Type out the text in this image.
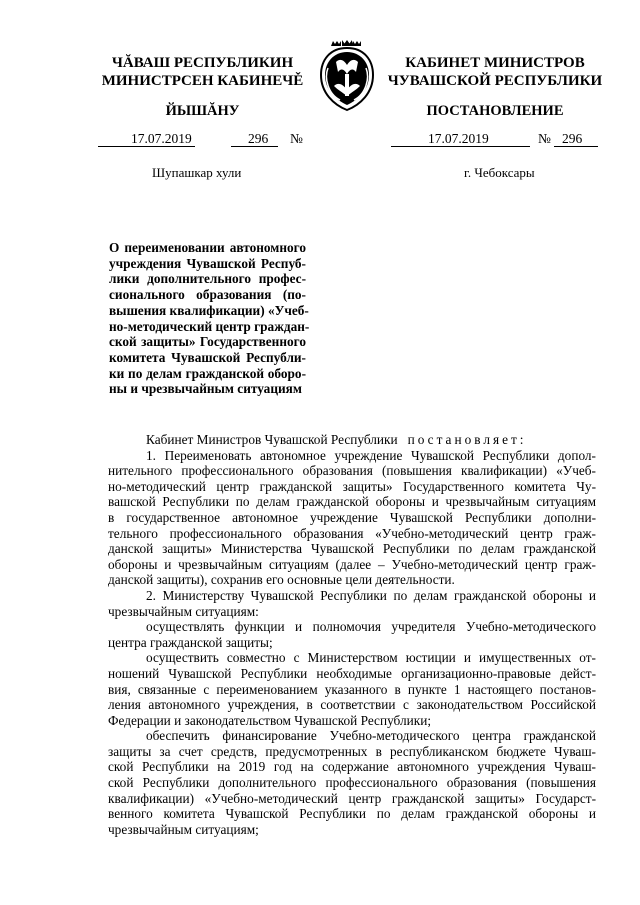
ЧĂВАШ РЕСПУБЛИКИН
МИНИСТРСЕН КАБИНЕЧĚ
ЙЫШĂНУ
КАБИНЕТ МИНИСТРОВ
ЧУВАШСКОЙ РЕСПУБЛИКИ
ПОСТАНОВЛЕНИЕ
17.07.2019	296 №	17.07.2019	№ 296
Шупашкар хули	г. Чебоксары
О переименовании автономного
учреждения Чувашской Респуб-
лики дополнительного профес-
сионального образования (по-
вышения квалификации) «Учеб-
но-методический центр граждан-
ской защиты» Государственного
комитета Чувашской Республи-
ки по делам гражданской оборо-
ны и чрезвычайным ситуациям

Кабинет Министров Чувашской Республики постановляет:

1. Переименовать автономное учреждение Чувашской Республики допол-
нительного профессионального образования (повышения квалификации) «Учеб-
но-методический центр гражданской защиты» Государственного комитета Чу-
вашской Республики по делам гражданской обороны и чрезвычайным ситуациям
в государственное автономное учреждение Чувашской Республики дополни-
тельного профессионального образования «Учебно-методический центр граж-
данской защиты» Министерства Чувашской Республики по делам гражданской
обороны и чрезвычайным ситуациям (далее – Учебно-методический центр граж-
данской защиты), сохранив его основные цели деятельности.
2. Министерству Чувашской Республики по делам гражданской обороны и
чрезвычайным ситуациям:
осуществлять функции и полномочия учредителя Учебно-методического
центра гражданской защиты;
осуществить совместно с Министерством юстиции и имущественных от-
ношений Чувашской Республики необходимые организационно-правовые дейст-
вия, связанные с переименованием указанного в пункте 1 настоящего постанов-
ления автономного учреждения, в соответствии с законодательством Российской
Федерации и законодательством Чувашской Республики;
обеспечить финансирование Учебно-методического центра гражданской
защиты за счет средств, предусмотренных в республиканском бюджете Чуваш-
ской Республики на 2019 год на содержание автономного учреждения Чуваш-
ской Республики дополнительного профессионального образования (повышения
квалификации) «Учебно-методический центр гражданской защиты» Государст-
венного комитета Чувашской Республики по делам гражданской обороны и
чрезвычайным ситуациям;
